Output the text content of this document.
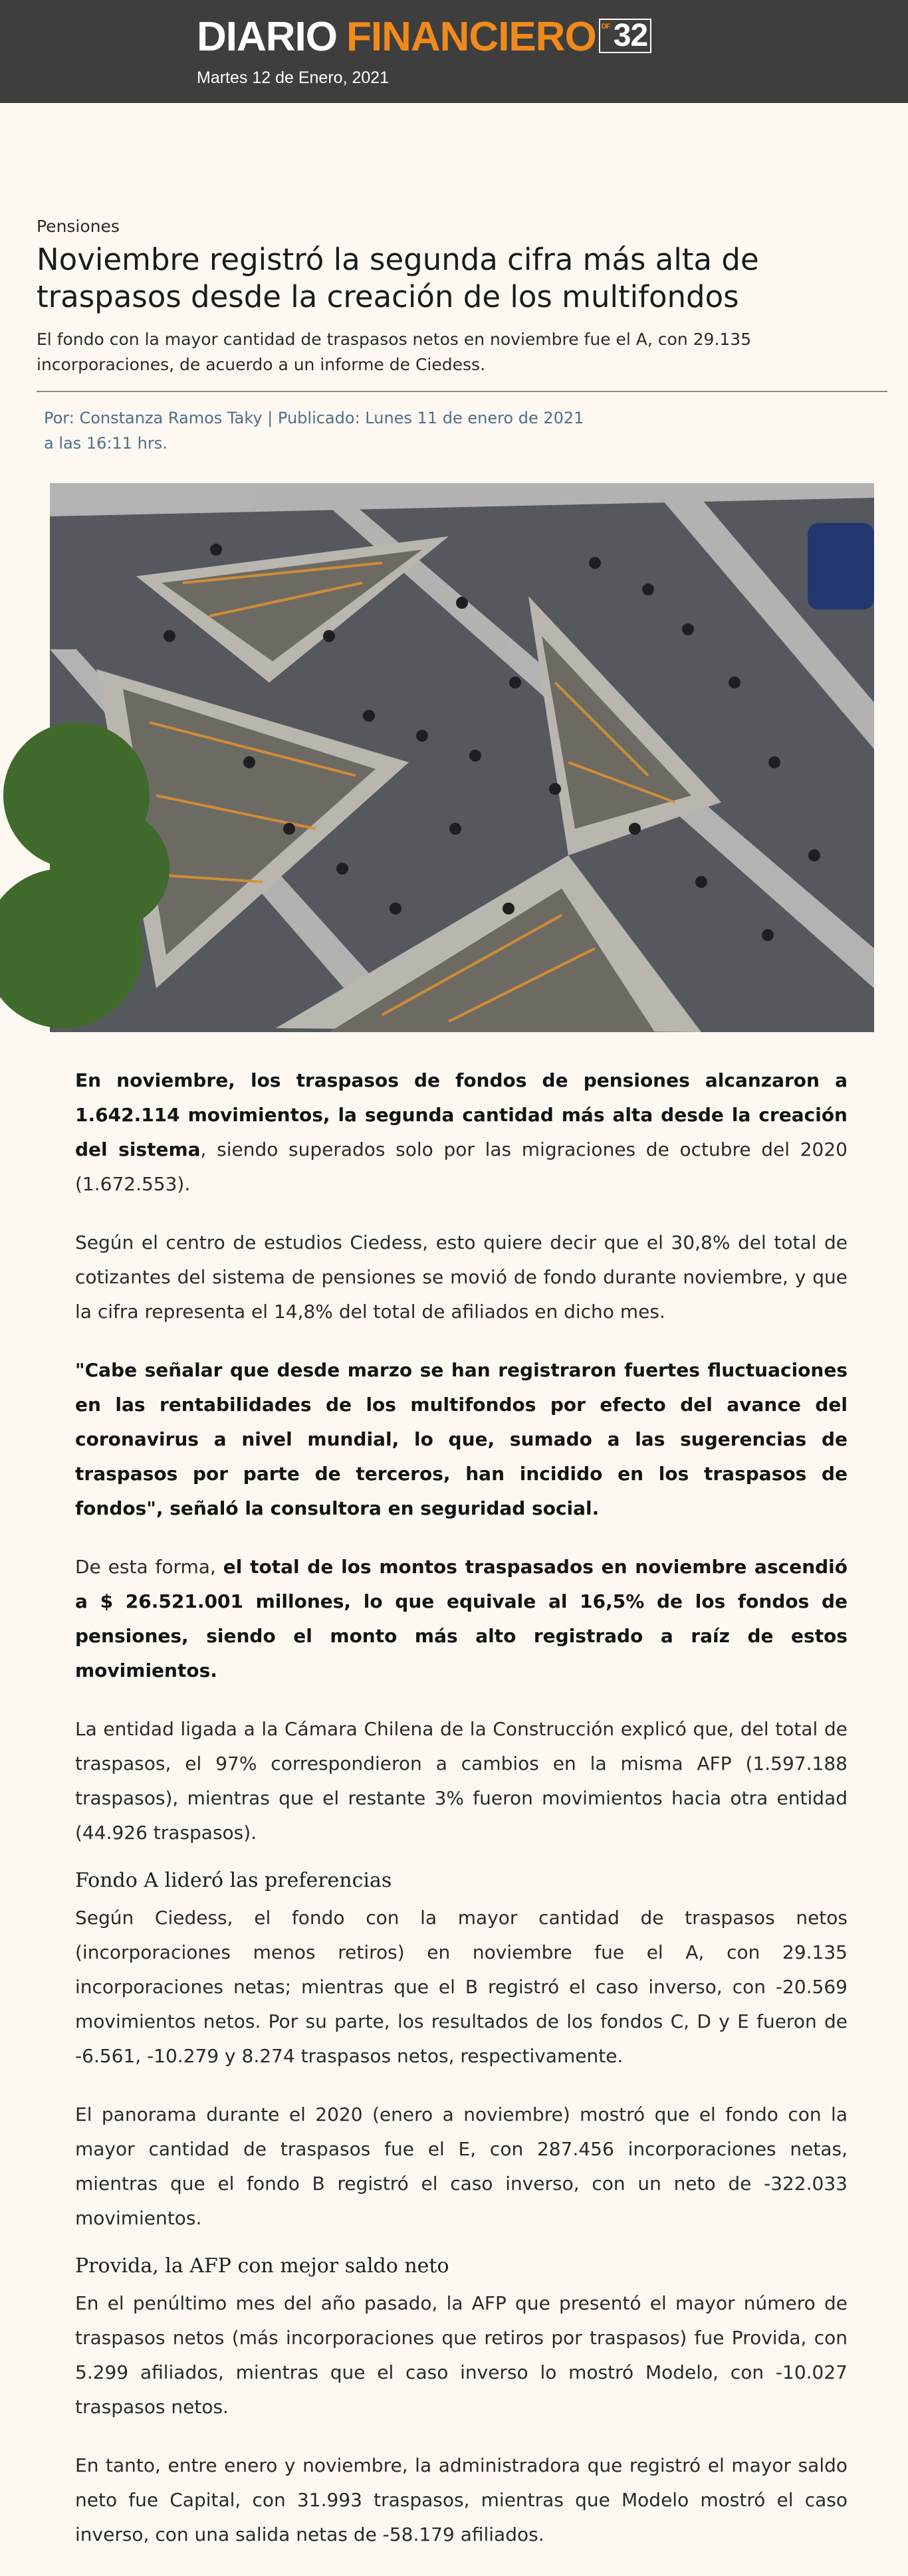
DIARIO FINANCIERO DF 32
Martes 12 de Enero, 2021
Pensiones
Noviembre registró la segunda cifra más alta de traspasos desde la creación de los multifondos

El fondo con la mayor cantidad de traspasos netos en noviembre fue el A, con 29.135 incorporaciones, de acuerdo a un informe de Ciedess.

Por: Constanza Ramos Taky | Publicado: Lunes 11 de enero de 2021 a las 16:11 hrs.

En noviembre, los traspasos de fondos de pensiones alcanzaron a 1.642.114 movimientos, la segunda cantidad más alta desde la creación del sistema, siendo superados solo por las migraciones de octubre del 2020 (1.672.553).

Según el centro de estudios Ciedess, esto quiere decir que el 30,8% del total de cotizantes del sistema de pensiones se movió de fondo durante noviembre, y que la cifra representa el 14,8% del total de afiliados en dicho mes.

"Cabe señalar que desde marzo se han registraron fuertes fluctuaciones en las rentabilidades de los multifondos por efecto del avance del coronavirus a nivel mundial, lo que, sumado a las sugerencias de traspasos por parte de terceros, han incidido en los traspasos de fondos", señaló la consultora en seguridad social.

De esta forma, el total de los montos traspasados en noviembre ascendió a $ 26.521.001 millones, lo que equivale al 16,5% de los fondos de pensiones, siendo el monto más alto registrado a raíz de estos movimientos.

La entidad ligada a la Cámara Chilena de la Construcción explicó que, del total de traspasos, el 97% correspondieron a cambios en la misma AFP (1.597.188 traspasos), mientras que el restante 3% fueron movimientos hacia otra entidad (44.926 traspasos).

Fondo A lideró las preferencias

Según Ciedess, el fondo con la mayor cantidad de traspasos netos (incorporaciones menos retiros) en noviembre fue el A, con 29.135 incorporaciones netas; mientras que el B registró el caso inverso, con -20.569 movimientos netos. Por su parte, los resultados de los fondos C, D y E fueron de -6.561, -10.279 y 8.274 traspasos netos, respectivamente.

El panorama durante el 2020 (enero a noviembre) mostró que el fondo con la mayor cantidad de traspasos fue el E, con 287.456 incorporaciones netas, mientras que el fondo B registró el caso inverso, con un neto de -322.033 movimientos.

Provida, la AFP con mejor saldo neto

En el penúltimo mes del año pasado, la AFP que presentó el mayor número de traspasos netos (más incorporaciones que retiros por traspasos) fue Provida, con 5.299 afiliados, mientras que el caso inverso lo mostró Modelo, con -10.027 traspasos netos.

En tanto, entre enero y noviembre, la administradora que registró el mayor saldo neto fue Capital, con 31.993 traspasos, mientras que Modelo mostró el caso inverso, con una salida netas de -58.179 afiliados.
